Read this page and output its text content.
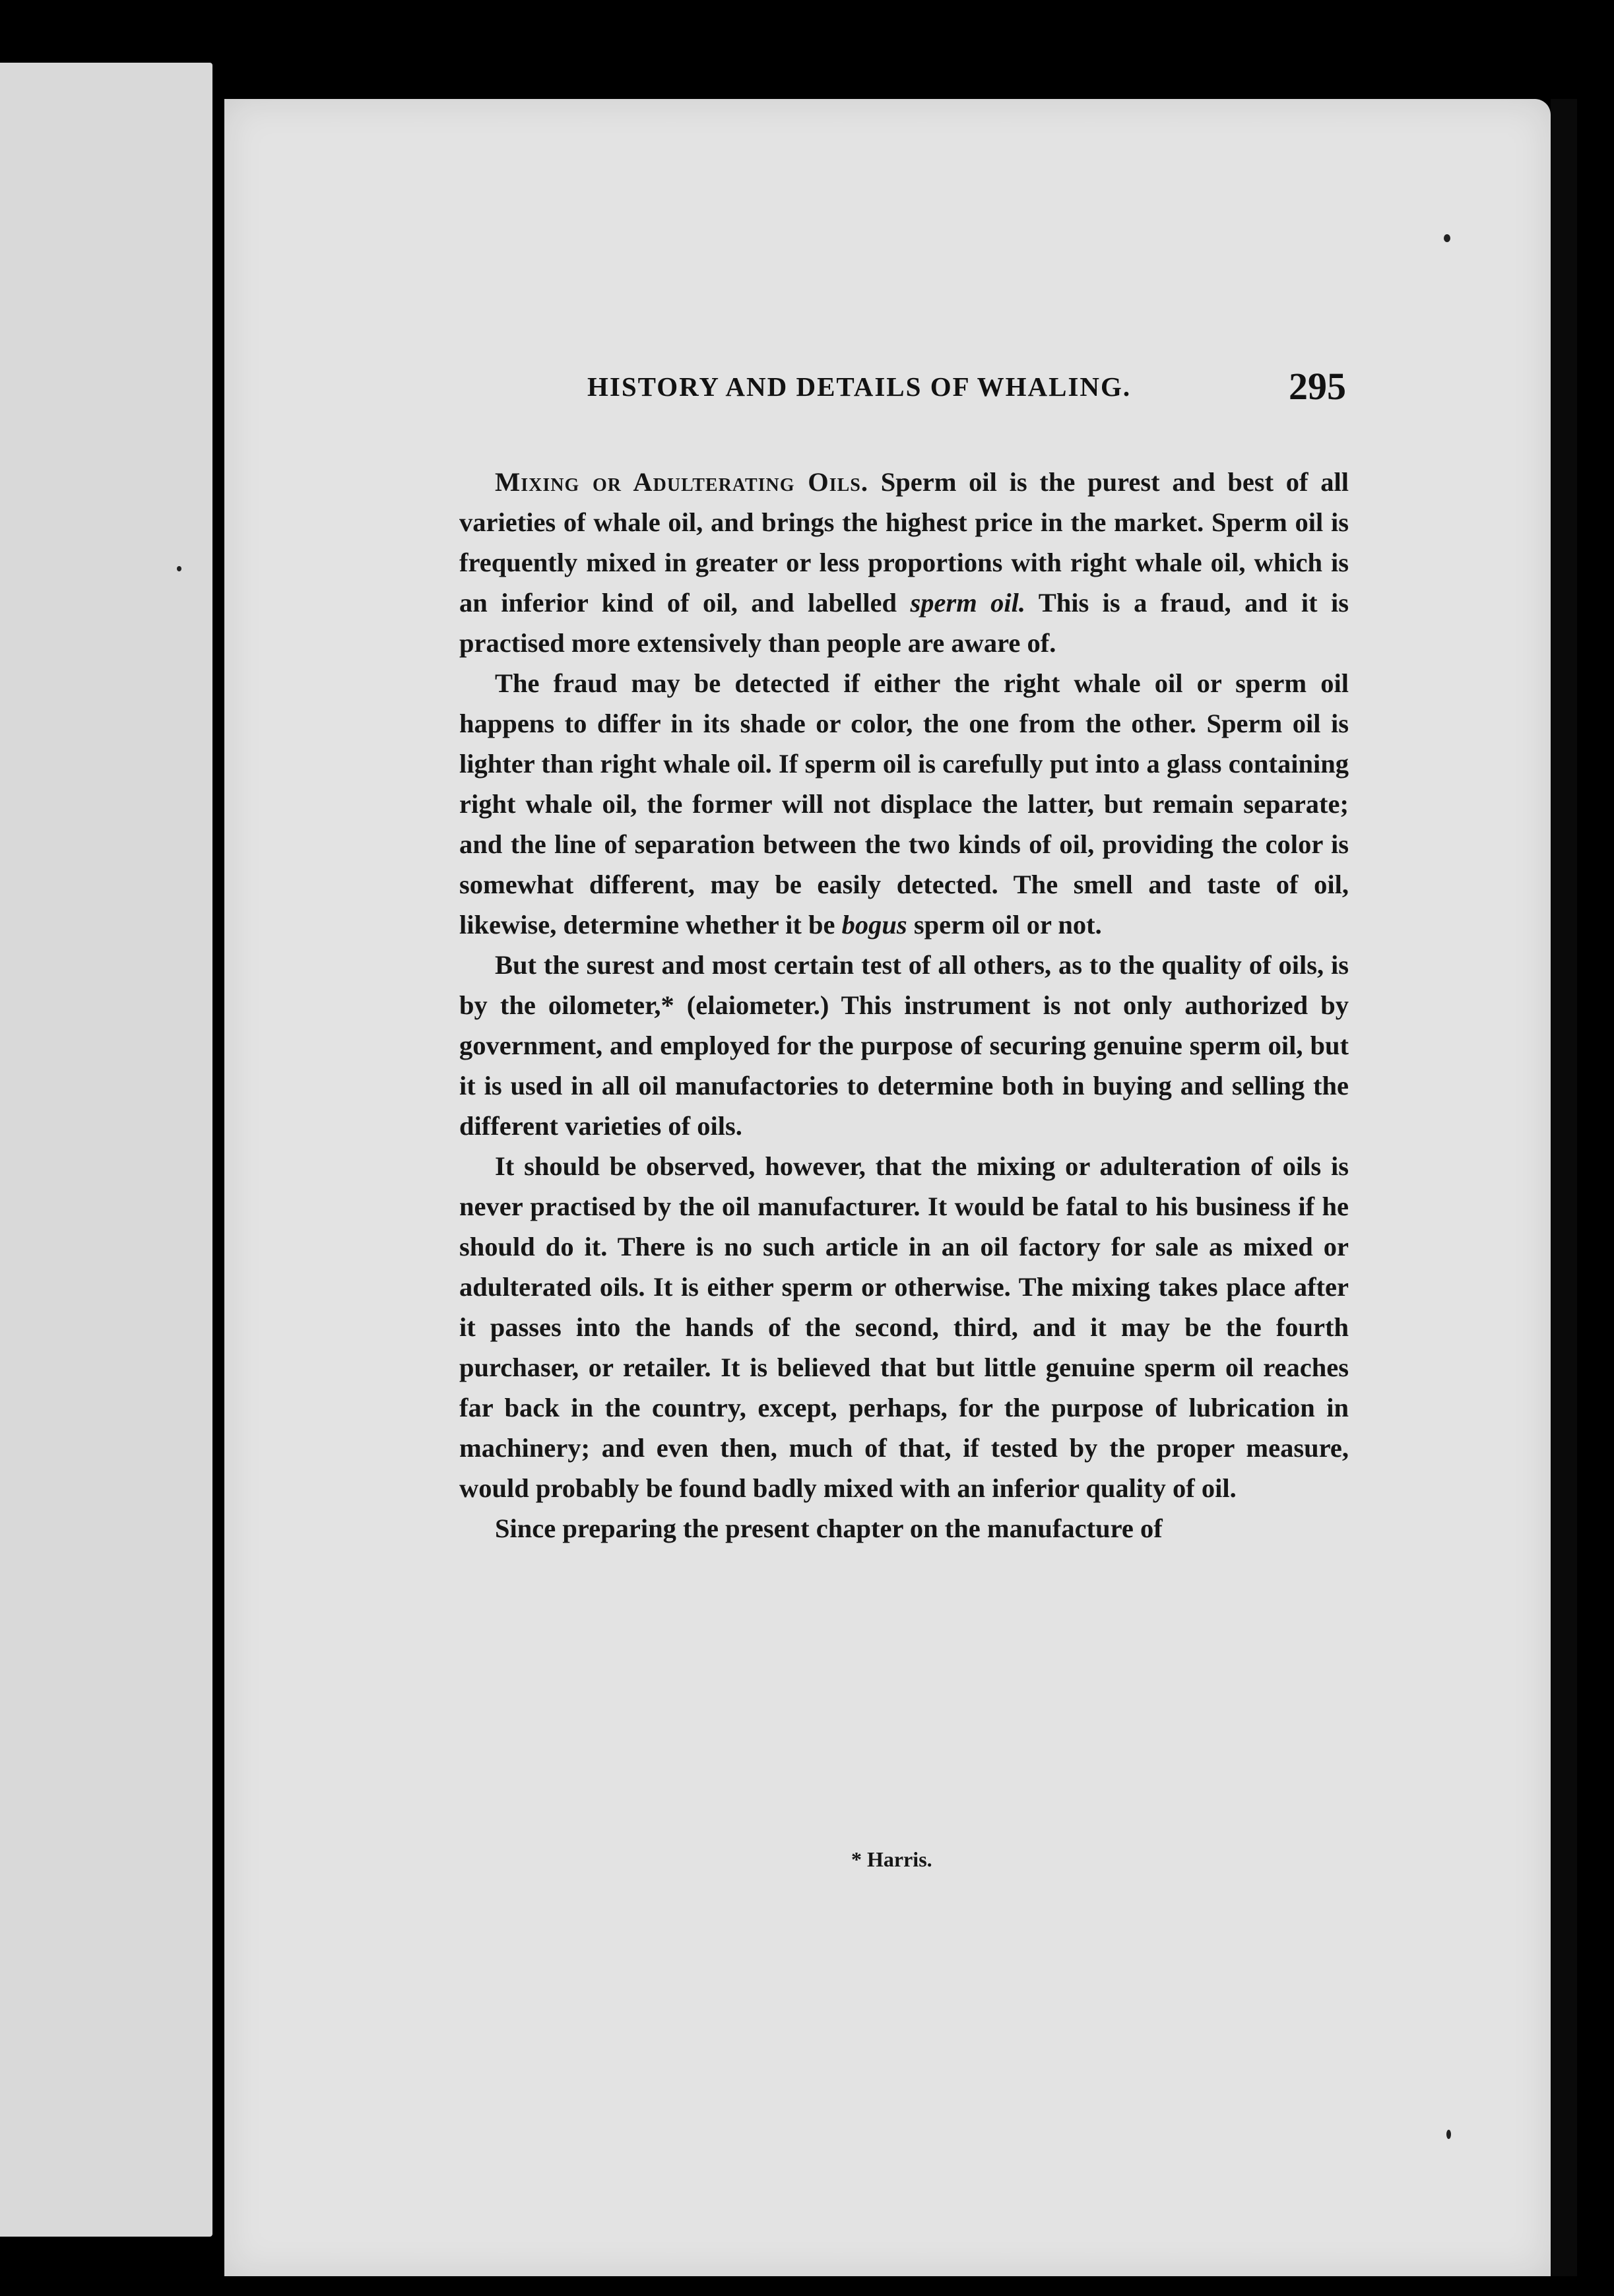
HISTORY AND DETAILS OF WHALING.	295

Mixing or Adulterating Oils. Sperm oil is the purest and best of all varieties of whale oil, and brings the highest price in the market. Sperm oil is frequently mixed in greater or less proportions with right whale oil, which is an inferior kind of oil, and labelled sperm oil. This is a fraud, and it is practised more extensively than people are aware of.

The fraud may be detected if either the right whale oil or sperm oil happens to differ in its shade or color, the one from the other. Sperm oil is lighter than right whale oil. If sperm oil is carefully put into a glass containing right whale oil, the former will not displace the latter, but remain separate; and the line of separation between the two kinds of oil, providing the color is somewhat different, may be easily detected. The smell and taste of oil, likewise, determine whether it be bogus sperm oil or not.

But the surest and most certain test of all others, as to the quality of oils, is by the oilometer,* (elaiometer.) This instrument is not only authorized by government, and employed for the purpose of securing genuine sperm oil, but it is used in all oil manufactories to determine both in buying and selling the different varieties of oils.

It should be observed, however, that the mixing or adulteration of oils is never practised by the oil manufacturer. It would be fatal to his business if he should do it. There is no such article in an oil factory for sale as mixed or adulterated oils. It is either sperm or otherwise. The mixing takes place after it passes into the hands of the second, third, and it may be the fourth purchaser, or retailer. It is believed that but little genuine sperm oil reaches far back in the country, except, perhaps, for the purpose of lubrication in machinery; and even then, much of that, if tested by the proper measure, would probably be found badly mixed with an inferior quality of oil.

Since preparing the present chapter on the manufacture of

* Harris.
